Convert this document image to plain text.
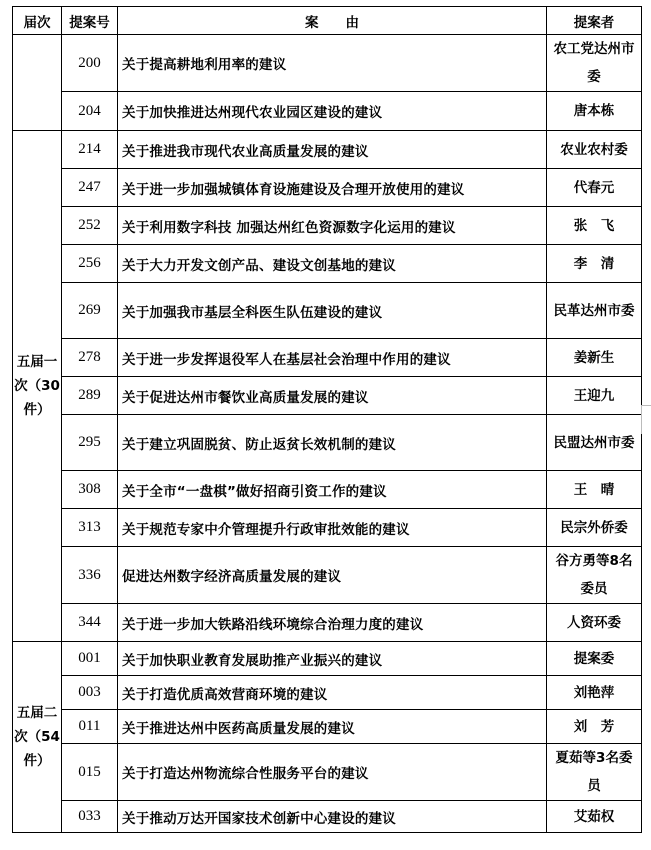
届次	提案号	案　　由	提案者
	200	关于提高耕地利用率的建议	农工党达州市委
	204	关于加快推进达州现代农业园区建设的建议	唐本栋
五届一次（30件）	214	关于推进我市现代农业高质量发展的建议	农业农村委
	247	关于进一步加强城镇体育设施建设及合理开放使用的建议	代春元
	252	关于利用数字科技 加强达州红色资源数字化运用的建议	张　飞
	256	关于大力开发文创产品、建设文创基地的建议	李　清
	269	关于加强我市基层全科医生队伍建设的建议	民革达州市委
	278	关于进一步发挥退役军人在基层社会治理中作用的建议	姜新生
	289	关于促进达州市餐饮业高质量发展的建议	王迎九
	295	关于建立巩固脱贫、防止返贫长效机制的建议	民盟达州市委
	308	关于全市“一盘棋”做好招商引资工作的建议	王　晴
	313	关于规范专家中介管理提升行政审批效能的建议	民宗外侨委
	336	促进达州数字经济高质量发展的建议	谷方勇等8名委员
	344	关于进一步加大铁路沿线环境综合治理力度的建议	人资环委
五届二次（54件）	001	关于加快职业教育发展助推产业振兴的建议	提案委
	003	关于打造优质高效营商环境的建议	刘艳萍
	011	关于推进达州中医药高质量发展的建议	刘　芳
	015	关于打造达州物流综合性服务平台的建议	夏茹等3名委员
	033	关于推动万达开国家技术创新中心建设的建议	艾茹权
